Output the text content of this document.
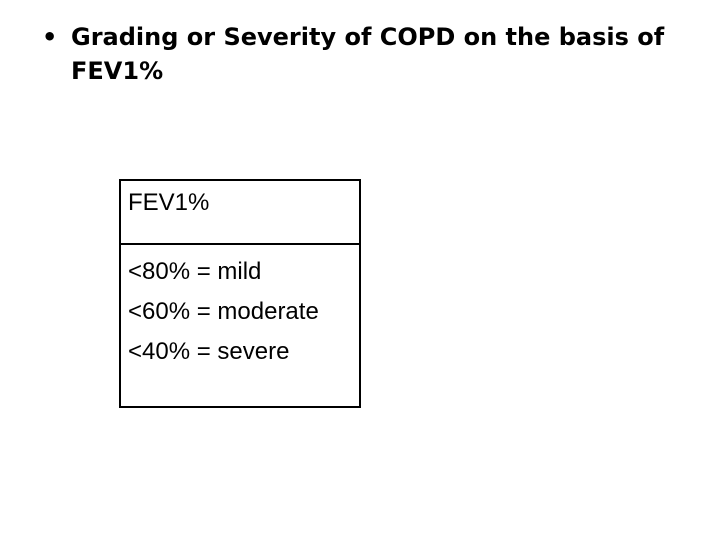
• Grading or Severity of COPD on the basis of FEV1%
FEV1%
<80% = mild
<60% = moderate
<40% = severe
